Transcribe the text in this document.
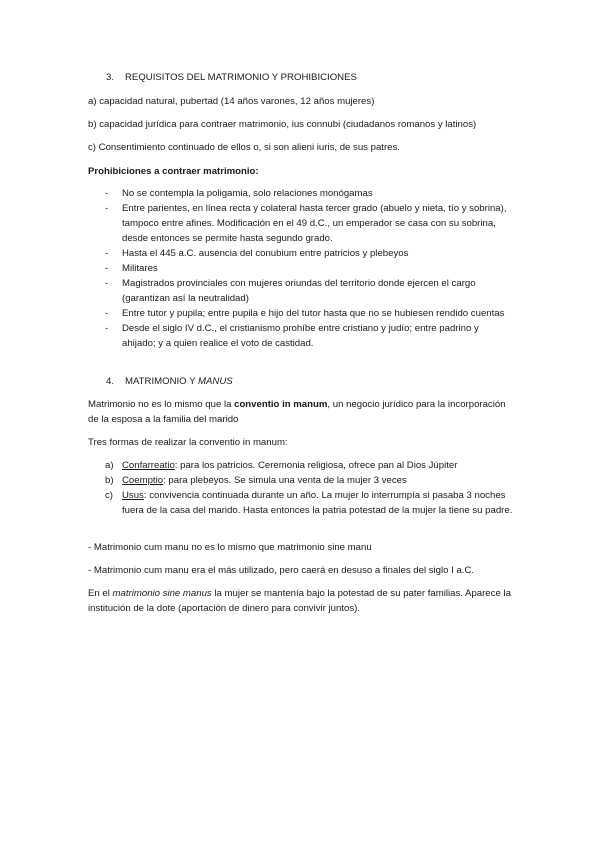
3. REQUISITOS DEL MATRIMONIO Y PROHIBICIONES

a) capacidad natural, pubertad (14 años varones, 12 años mujeres)

b) capacidad jurídica para contraer matrimonio, ius connubi (ciudadanos romanos y latinos)

c) Consentimiento continuado de ellos o, si son alieni iuris, de sus patres.

Prohibiciones a contraer matrimonio:

- No se contempla la poligamia, solo relaciones monógamas
- Entre parientes, en línea recta y colateral hasta tercer grado (abuelo y nieta, tío y sobrina), tampoco entre afines. Modificación en el 49 d.C., un emperador se casa con su sobrina, desde entonces se permite hasta segundo grado.
- Hasta el 445 a.C. ausencia del conubium entre patricios y plebeyos
- Militares
- Magistrados provinciales con mujeres oriundas del territorio donde ejercen el cargo (garantizan así la neutralidad)
- Entre tutor y pupila; entre pupila e hijo del tutor hasta que no se hubiesen rendido cuentas
- Desde el siglo IV d.C., el cristianismo prohíbe entre cristiano y judío; entre padrino y ahijado; y a quien realice el voto de castidad.

4. MATRIMONIO Y MANUS

Matrimonio no es lo mismo que la conventio in manum, un negocio jurídico para la incorporación de la esposa a la familia del marido

Tres formas de realizar la conventio in manum:

a) Confarreatio: para los patricios. Ceremonia religiosa, ofrece pan al Dios Júpiter
b) Coemptio: para plebeyos. Se simula una venta de la mujer 3 veces
c) Usus: convivencia continuada durante un año. La mujer lo interrumpía si pasaba 3 noches fuera de la casa del marido. Hasta entonces la patria potestad de la mujer la tiene su padre.

- Matrimonio cum manu no es lo mismo que matrimonio sine manu

- Matrimonio cum manu era el más utilizado, pero caerá en desuso a finales del siglo I a.C.

En el matrimonio sine manus la mujer se mantenía bajo la potestad de su pater familias. Aparece la institución de la dote (aportación de dinero para convivir juntos).
